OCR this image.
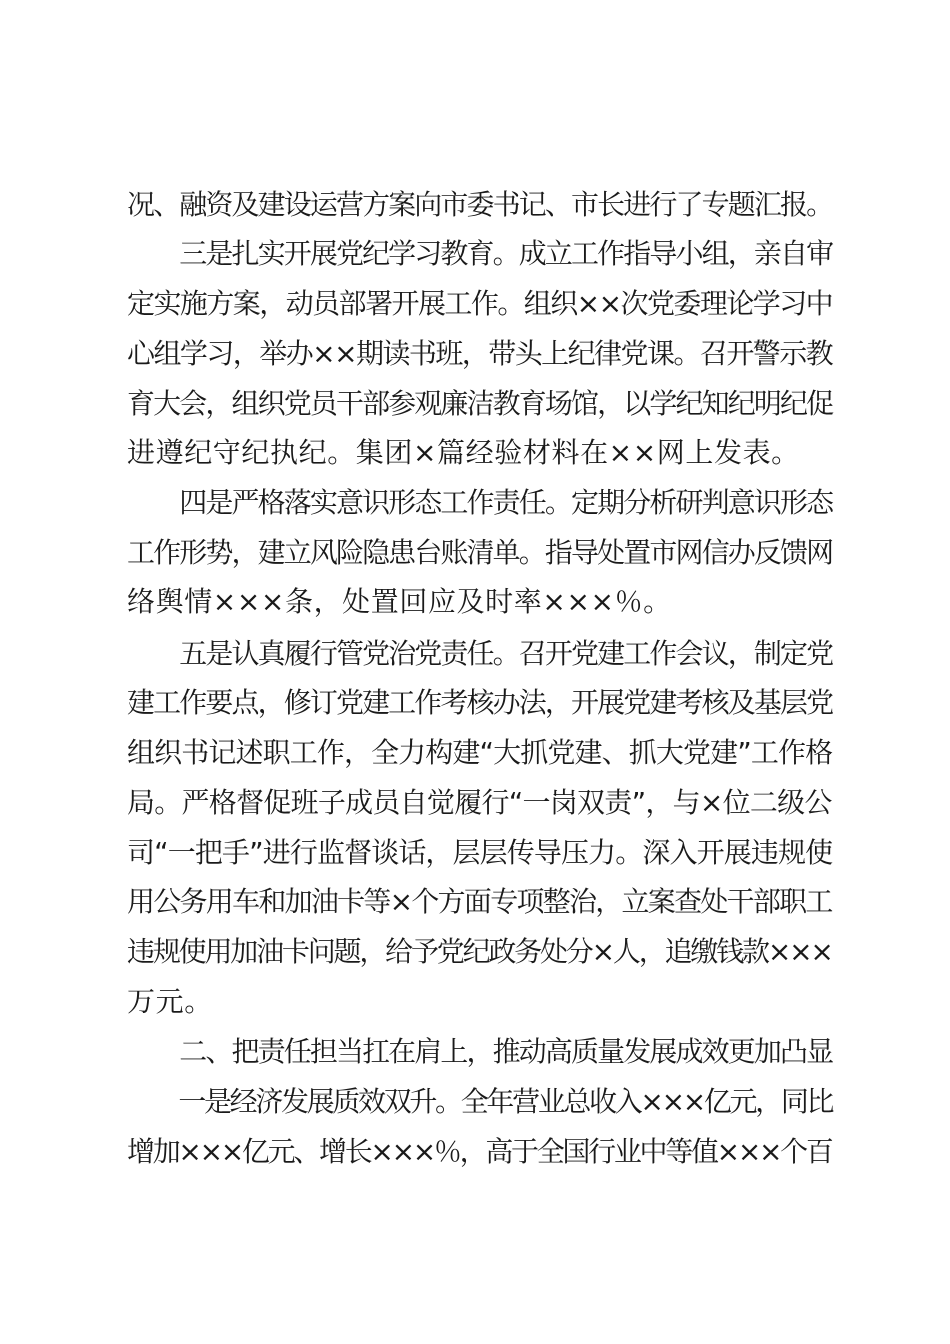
况、融资及建设运营方案向市委书记、市长进行了专题汇报。
　　三是扎实开展党纪学习教育。成立工作指导小组，亲自审
定实施方案，动员部署开展工作。组织××次党委理论学习中
心组学习，举办××期读书班，带头上纪律党课。召开警示教
育大会，组织党员干部参观廉洁教育场馆，以学纪知纪明纪促
进遵纪守纪执纪。集团×篇经验材料在××网上发表。
　　四是严格落实意识形态工作责任。定期分析研判意识形态
工作形势，建立风险隐患台账清单。指导处置市网信办反馈网
络舆情×××条，处置回应及时率×××％。
　　五是认真履行管党治党责任。召开党建工作会议，制定党
建工作要点，修订党建工作考核办法，开展党建考核及基层党
组织书记述职工作，全力构建“大抓党建、抓大党建”工作格
局。严格督促班子成员自觉履行“一岗双责”，与×位二级公
司“一把手”进行监督谈话，层层传导压力。深入开展违规使
用公务用车和加油卡等×个方面专项整治，立案查处干部职工
违规使用加油卡问题，给予党纪政务处分×人，追缴钱款×××
万元。
　　二、把责任担当扛在肩上，推动高质量发展成效更加凸显
　　一是经济发展质效双升。全年营业总收入×××亿元，同比
增加×××亿元、增长×××％，高于全国行业中等值×××个百
